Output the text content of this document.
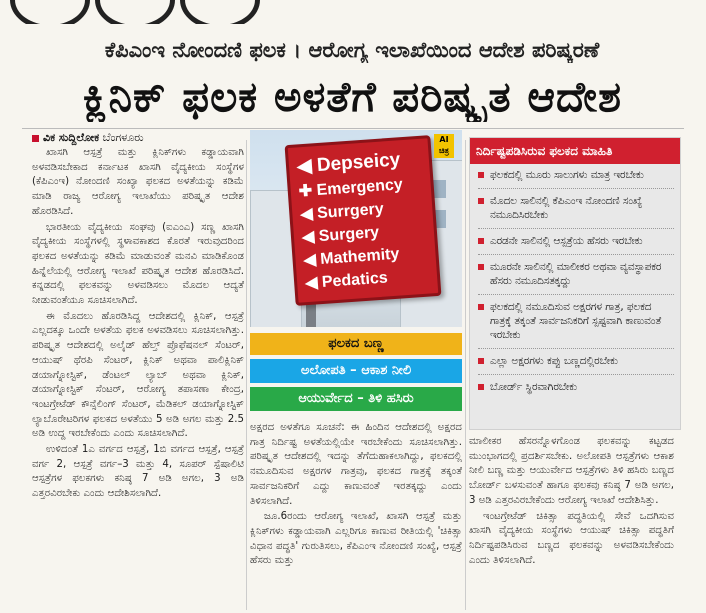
ಕೆಪಿಎಂಇ ನೋಂದಣಿ ಫಲಕ । ಆರೋಗ್ಯ ಇಲಾಖೆಯಿಂದ ಆದೇಶ ಪರಿಷ್ಕರಣೆ
ಕ್ಲಿನಿಕ್ ಫಲಕ ಅಳತೆಗೆ ಪರಿಷ್ಕೃತ ಆದೇಶ
ವಿಕ ಸುದ್ದಿಲೋಕ ಬೆಂಗಳೂರು

ಖಾಸಗಿ ಆಸ್ಪತ್ರೆ ಮತ್ತು ಕ್ಲಿನಿಕ್‌ಗಳು ಕಡ್ಡಾಯವಾಗಿ ಅಳವಡಿಸಬೇಕಾದ ಕರ್ನಾಟಕ ಖಾಸಗಿ ವೈದ್ಯಕೀಯ ಸಂಸ್ಥೆಗಳ (ಕೆಪಿಎಂಇ) ನೋಂದಣಿ ಸಂಖ್ಯಾ ಫಲಕದ ಅಳತೆಯನ್ನು ಕಡಿಮೆ ಮಾಡಿ ರಾಜ್ಯ ಆರೋಗ್ಯ ಇಲಾಖೆಯು ಪರಿಷ್ಕೃತ ಆದೇಶ ಹೊರಡಿಸಿದೆ.

ಭಾರತೀಯ ವೈದ್ಯಕೀಯ ಸಂಘವು (ಐಎಂಎ) ಸಣ್ಣ ಖಾಸಗಿ ವೈದ್ಯಕೀಯ ಸಂಸ್ಥೆಗಳಲ್ಲಿ ಸ್ಥಳಾವಕಾಶದ ಕೊರತೆ ಇರುವುದರಿಂದ ಫಲಕದ ಅಳತೆಯನ್ನು ಕಡಿಮೆ ಮಾಡುವಂತೆ ಮನವಿ ಮಾಡಿಕೊಂಡ ಹಿನ್ನೆಲೆಯಲ್ಲಿ ಆರೋಗ್ಯ ಇಲಾಖೆ ಪರಿಷ್ಕೃತ ಆದೇಶ ಹೊರಡಿಸಿದೆ. ಕನ್ನಡದಲ್ಲಿ ಫಲಕವನ್ನು ಅಳವಡಿಸಲು ಮೊದಲ ಆದ್ಯತೆ ನೀಡುವಂತೆಯೂ ಸೂಚಿಸಲಾಗಿದೆ.

ಈ ಮೊದಲು ಹೊರಡಿಸಿದ್ದ ಆದೇಶದಲ್ಲಿ ಕ್ಲಿನಿಕ್, ಆಸ್ಪತ್ರೆ ಎಲ್ಲದಕ್ಕೂ ಒಂದೇ ಅಳತೆಯ ಫಲಕ ಅಳವಡಿಸಲು ಸೂಚಿಸಲಾಗಿತ್ತು. ಪರಿಷ್ಕೃತ ಆದೇಶದಲ್ಲಿ ಅಲೈಡ್ ಹೆಲ್ತ್ ಪ್ರೊಫೆಷನಲ್ ಸೆಂಟರ್, ಆಯುಷ್ ಥೆರಪಿ ಸೆಂಟರ್, ಕ್ಲಿನಿಕ್ ಅಥವಾ ಪಾಲಿಕ್ಲಿನಿಕ್ ಡಯಾಗ್ನೋಸ್ಟಿಕ್, ಡೆಂಟಲ್ ಲ್ಯಾಬ್ ಅಥವಾ ಕ್ಲಿನಿಕ್, ಡಯಾಗ್ನೋಸ್ಟಿಕ್ ಸೆಂಟರ್, ಆರೋಗ್ಯ ತಪಾಸಣಾ ಕೇಂದ್ರ, ಇಂಟಗ್ರೇಟೆಡ್ ಕೌನ್ಸೆಲಿಂಗ್ ಸೆಂಟರ್, ಮೆಡಿಕಲ್ ಡಯಾಗ್ನೋಸ್ಟಿಕ್ ಲ್ಯಾಬೊರೇಟರಿಗಳ ಫಲಕದ ಅಳತೆಯು 5 ಅಡಿ ಅಗಲ ಮತ್ತು 2.5 ಅಡಿ ಉದ್ದ ಇರಬೇಕೆಂದು ಎಂದು ಸೂಚಿಸಲಾಗಿದೆ.

ಉಳಿದಂತೆ 1ಎ ವರ್ಗದ ಆಸ್ಪತ್ರೆ, 1ಬಿ ವರ್ಗದ ಆಸ್ಪತ್ರೆ, ಆಸ್ಪತ್ರೆ ವರ್ಗ 2, ಆಸ್ಪತ್ರೆ ವರ್ಗ–3 ಮತ್ತು 4, ಸೂಪರ್ ಸ್ಪೆಷಾಲಿಟಿ ಆಸ್ಪತ್ರೆಗಳ ಫಲಕಗಳು ಕನಿಷ್ಠ 7 ಅಡಿ ಅಗಲ, 3 ಅಡಿ ಎತ್ತರವಿರಬೇಕು ಎಂದು ಆದೇಶಿಸಲಾಗಿದೆ.

◀ Depseicy
✚ Emergency
◀ Surrgery
◀ Surgery
◀ Mathemity
◀ Pedatics
AI ಚಿತ್ರ
ಫಲಕದ ಬಣ್ಣ
ಅಲೋಪತಿ – ಆಕಾಶ ನೀಲಿ
ಆಯುರ್ವೇದ – ತಿಳಿ ಹಸಿರು

ಅಕ್ಷರದ ಅಳತೆಗೂ ಸೂಚನೆ: ಈ ಹಿಂದಿನ ಆದೇಶದಲ್ಲಿ ಅಕ್ಷರದ ಗಾತ್ರ ನಿರ್ದಿಷ್ಟ ಅಳತೆಯಲ್ಲಿಯೇ ಇರಬೇಕೆಂದು ಸೂಚಿಸಲಾಗಿತ್ತು. ಪರಿಷ್ಕೃತ ಆದೇಶದಲ್ಲಿ ಇದನ್ನು ತೆಗೆದುಹಾಕಲಾಗಿದ್ದು, ಫಲಕದಲ್ಲಿ ನಮೂದಿಸುವ ಅಕ್ಷರಗಳ ಗಾತ್ರವು, ಫಲಕದ ಗಾತ್ರಕ್ಕೆ ತಕ್ಕಂತೆ ಸಾರ್ವಜನಿಕರಿಗೆ ಎದ್ದು ಕಾಣುವಂತೆ ಇರತಕ್ಕದ್ದು ಎಂದು ತಿಳಿಸಲಾಗಿದೆ.

ಜೂ.6ರಂದು ಆರೋಗ್ಯ ಇಲಾಖೆ, ಖಾಸಗಿ ಆಸ್ಪತ್ರೆ ಮತ್ತು ಕ್ಲಿನಿಕ್‌ಗಳು ಕಡ್ಡಾಯವಾಗಿ ಎಲ್ಲರಿಗೂ ಕಾಣುವ ರೀತಿಯಲ್ಲಿ 'ಚಿಕಿತ್ಸಾ ವಿಧಾನ ಪದ್ಧತಿ' ಗುರುತಿಸಲು, ಕೆಪಿಎಂಇ ನೋಂದಣಿ ಸಂಖ್ಯೆ, ಆಸ್ಪತ್ರೆ ಹೆಸರು ಮತ್ತು

ನಿರ್ದಿಷ್ಟಪಡಿಸಿರುವ ಫಲಕದ ಮಾಹಿತಿ
ಫಲಕದಲ್ಲಿ ಮೂರು ಸಾಲುಗಳು ಮಾತ್ರ ಇರಬೇಕು
ಮೊದಲ ಸಾಲಿನಲ್ಲಿ ಕೆಪಿಎಂಇ ನೋಂದಣಿ ಸಂಖ್ಯೆ ನಮೂದಿಸಿರಬೇಕು
ಎರಡನೇ ಸಾಲಿನಲ್ಲಿ ಆಸ್ಪತ್ರೆಯ ಹೆಸರು ಇರಬೇಕು
ಮೂರನೇ ಸಾಲಿನಲ್ಲಿ ಮಾಲೀಕರ ಅಥವಾ ವ್ಯವಸ್ಥಾಪಕರ ಹೆಸರು ನಮೂದಿಸತಕ್ಕದ್ದು
ಫಲಕದಲ್ಲಿ ನಮೂದಿಸುವ ಅಕ್ಷರಗಳ ಗಾತ್ರ, ಫಲಕದ ಗಾತ್ರಕ್ಕೆ ತಕ್ಕಂತೆ ಸಾರ್ವಜನಿಕರಿಗೆ ಸ್ಪಷ್ಟವಾಗಿ ಕಾಣುವಂತೆ ಇರಬೇಕು
ಎಲ್ಲಾ ಅಕ್ಷರಗಳು ಕಪ್ಪು ಬಣ್ಣದಲ್ಲಿರಬೇಕು
ಬೋರ್ಡ್ ಸ್ಥಿರವಾಗಿರಬೇಕು

ಮಾಲೀಕರ ಹೆಸರನ್ನೊಳಗೊಂಡ ಫಲಕವನ್ನು ಕಟ್ಟಡದ ಮುಂಭಾಗದಲ್ಲಿ ಪ್ರದರ್ಶಿಸಬೇಕು. ಅಲೋಪತಿ ಆಸ್ಪತ್ರೆಗಳು ಆಕಾಶ ನೀಲಿ ಬಣ್ಣ ಮತ್ತು ಆಯುರ್ವೇದ ಆಸ್ಪತ್ರೆಗಳು ತಿಳಿ ಹಸಿರು ಬಣ್ಣದ ಬೋರ್ಡ್ ಬಳಸುವಂತೆ ಹಾಗೂ ಫಲಕವು ಕನಿಷ್ಠ 7 ಅಡಿ ಅಗಲ, 3 ಅಡಿ ಎತ್ತರವಿರಬೇಕೆಂದು ಆರೋಗ್ಯ ಇಲಾಖೆ ಆದೇಶಿಸಿತ್ತು.

ಇಂಟಗ್ರೇಟೆಡ್ ಚಿಕಿತ್ಸಾ ಪದ್ಧತಿಯಲ್ಲಿ ಸೇವೆ ಒದಗಿಸುವ ಖಾಸಗಿ ವೈದ್ಯಕೀಯ ಸಂಸ್ಥೆಗಳು ಆಯುಷ್ ಚಿಕಿತ್ಸಾ ಪದ್ಧತಿಗೆ ನಿರ್ದಿಷ್ಟಪಡಿಸಿರುವ ಬಣ್ಣದ ಫಲಕವನ್ನು ಅಳವಡಿಸಬೇಕೆಂದು ಎಂದು ತಿಳಿಸಲಾಗಿದೆ.
